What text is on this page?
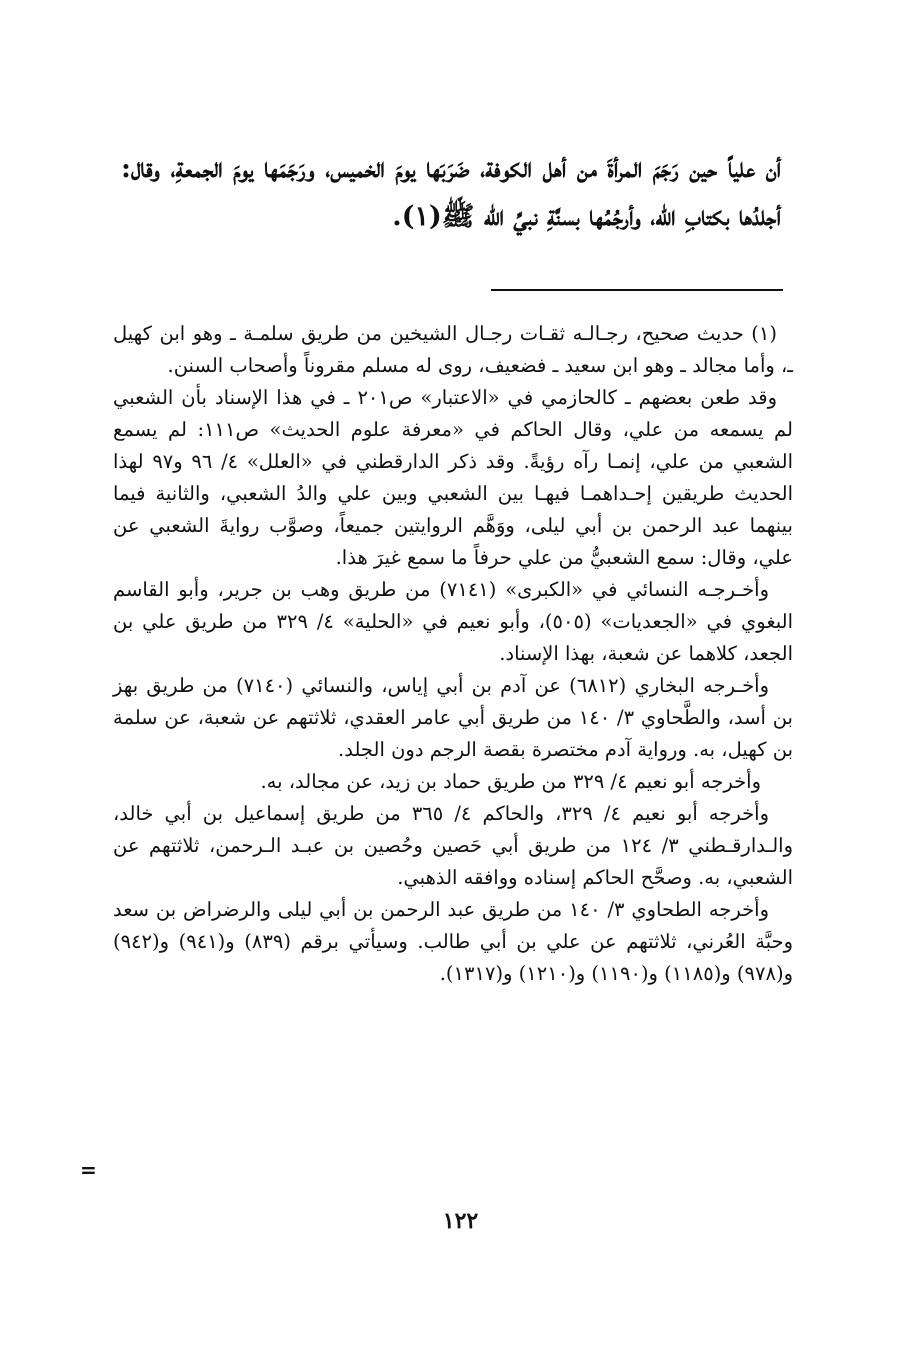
أن علياً حين رَجَمَ المرأةَ من أهل الكوفة، ضَرَبَها يومَ الخميس، ورَجَمَها يومَ الجمعةِ، وقال: أجلدُها بكتابِ الله، وأرجُمُها بسنَّةِ نبيِّ الله ﷺ(١).

(١) حديث صحيح، رجـالـه ثقـات رجـال الشيخين من طريق سلمـة ـ وهو ابن كهيل ـ، وأما مجالد ـ وهو ابن سعيد ـ فضعيف، روى له مسلم مقروناً وأصحاب السنن.

وقد طعن بعضهم ـ كالحازمي في «الاعتبار» ص٢٠١ ـ في هذا الإسناد بأن الشعبي لم يسمعه من علي، وقال الحاكم في «معرفة علوم الحديث» ص١١١: لم يسمع الشعبي من علي، إنمـا رآه رؤيةً. وقد ذكر الدارقطني في «العلل» ٤/ ٩٦ و٩٧ لهذا الحديث طريقين إحـداهمـا فيهـا بين الشعبي وبين علي والدُ الشعبي، والثانية فيما بينهما عبد الرحمن بن أبي ليلى، ووَهَّم الروايتين جميعاً، وصوَّب روايةَ الشعبي عن علي، وقال: سمع الشعبيُّ من علي حرفاً ما سمع غيرَ هذا.

وأخـرجـه النسائي في «الكبرى» (٧١٤١) من طريق وهب بن جرير، وأبو القاسم البغوي في «الجعديات» (٥٠٥)، وأبو نعيم في «الحلية» ٤/ ٣٢٩ من طريق علي بن الجعد، كلاهما عن شعبة، بهذا الإسناد.

وأخـرجه البخاري (٦٨١٢) عن آدم بن أبي إياس، والنسائي (٧١٤٠) من طريق بهز بن أسد، والطَّحاوي ٣/ ١٤٠ من طريق أبي عامر العقدي، ثلاثتهم عن شعبة، عن سلمة بن كهيل، به. ورواية آدم مختصرة بقصة الرجم دون الجلد.

وأخرجه أبو نعيم ٤/ ٣٢٩ من طريق حماد بن زيد، عن مجالد، به.

وأخرجه أبو نعيم ٤/ ٣٢٩، والحاكم ٤/ ٣٦٥ من طريق إسماعيل بن أبي خالد، والـدارقـطني ٣/ ١٢٤ من طريق أبي حَصين وحُصين بن عبـد الـرحمن، ثلاثتهم عن الشعبي، به. وصحَّح الحاكم إسناده ووافقه الذهبي.

وأخرجه الطحاوي ٣/ ١٤٠ من طريق عبد الرحمن بن أبي ليلى والرضراض بن سعد وحبَّة العُرني، ثلاثتهم عن علي بن أبي طالب. وسيأتي برقم (٨٣٩) و(٩٤١) و(٩٤٢) و(٩٧٨) و(١١٨٥) و(١١٩٠) و(١٢١٠) و(١٣١٧).

=
١٢٢
